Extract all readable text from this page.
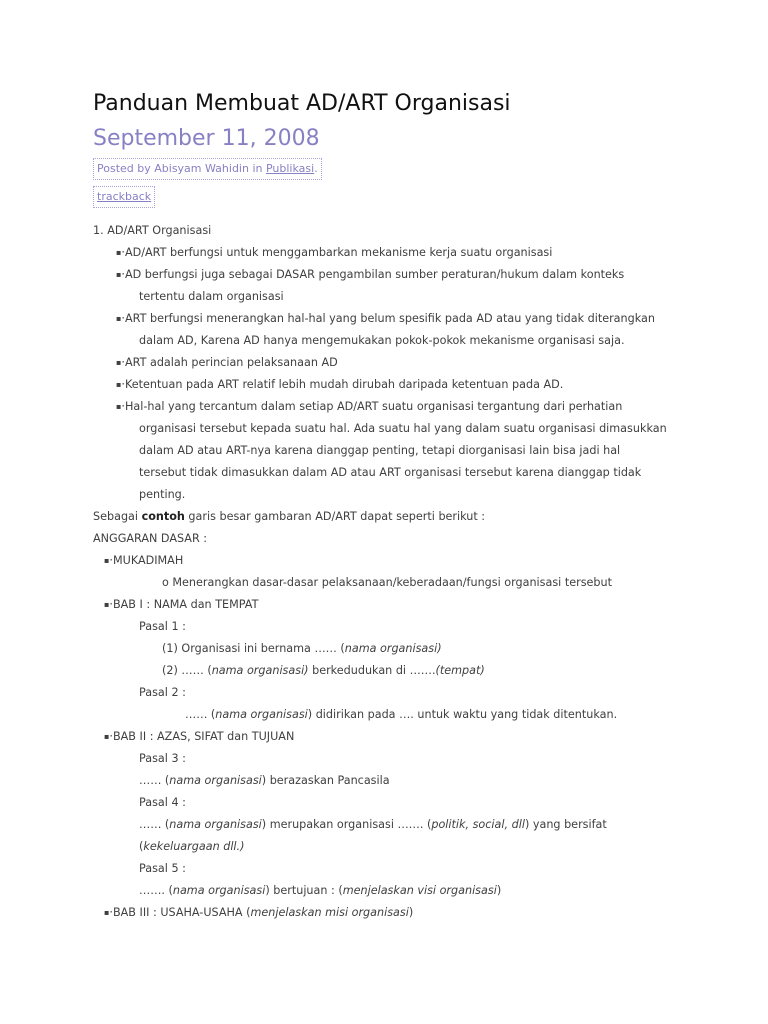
Panduan Membuat AD/ART Organisasi
September 11, 2008
Posted by Abisyam Wahidin in Publikasi.
trackback
1. AD/ART Organisasi
▪·AD/ART berfungsi untuk menggambarkan mekanisme kerja suatu organisasi
▪·AD berfungsi juga sebagai DASAR pengambilan sumber peraturan/hukum dalam konteks
tertentu dalam organisasi
▪·ART berfungsi menerangkan hal-hal yang belum spesifik pada AD atau yang tidak diterangkan
dalam AD, Karena AD hanya mengemukakan pokok-pokok mekanisme organisasi saja.
▪·ART adalah perincian pelaksanaan AD
▪·Ketentuan pada ART relatif lebih mudah dirubah daripada ketentuan pada AD.
▪·Hal-hal yang tercantum dalam setiap AD/ART suatu organisasi tergantung dari perhatian
organisasi tersebut kepada suatu hal. Ada suatu hal yang dalam suatu organisasi dimasukkan
dalam AD atau ART-nya karena dianggap penting, tetapi diorganisasi lain bisa jadi hal
tersebut tidak dimasukkan dalam AD atau ART organisasi tersebut karena dianggap tidak
penting.
Sebagai contoh garis besar gambaran AD/ART dapat seperti berikut :
ANGGARAN DASAR :
▪·MUKADIMAH
o Menerangkan dasar-dasar pelaksanaan/keberadaan/fungsi organisasi tersebut
▪·BAB I : NAMA dan TEMPAT
Pasal 1 :
(1) Organisasi ini bernama …… (nama organisasi)
(2) …… (nama organisasi) berkedudukan di …….(tempat)
Pasal 2 :
…… (nama organisasi) didirikan pada …. untuk waktu yang tidak ditentukan.
▪·BAB II : AZAS, SIFAT dan TUJUAN
Pasal 3 :
…… (nama organisasi) berazaskan Pancasila
Pasal 4 :
…… (nama organisasi) merupakan organisasi ……. (politik, social, dll) yang bersifat
(kekeluargaan dll.)
Pasal 5 :
……. (nama organisasi) bertujuan : (menjelaskan visi organisasi)
▪·BAB III : USAHA-USAHA (menjelaskan misi organisasi)
